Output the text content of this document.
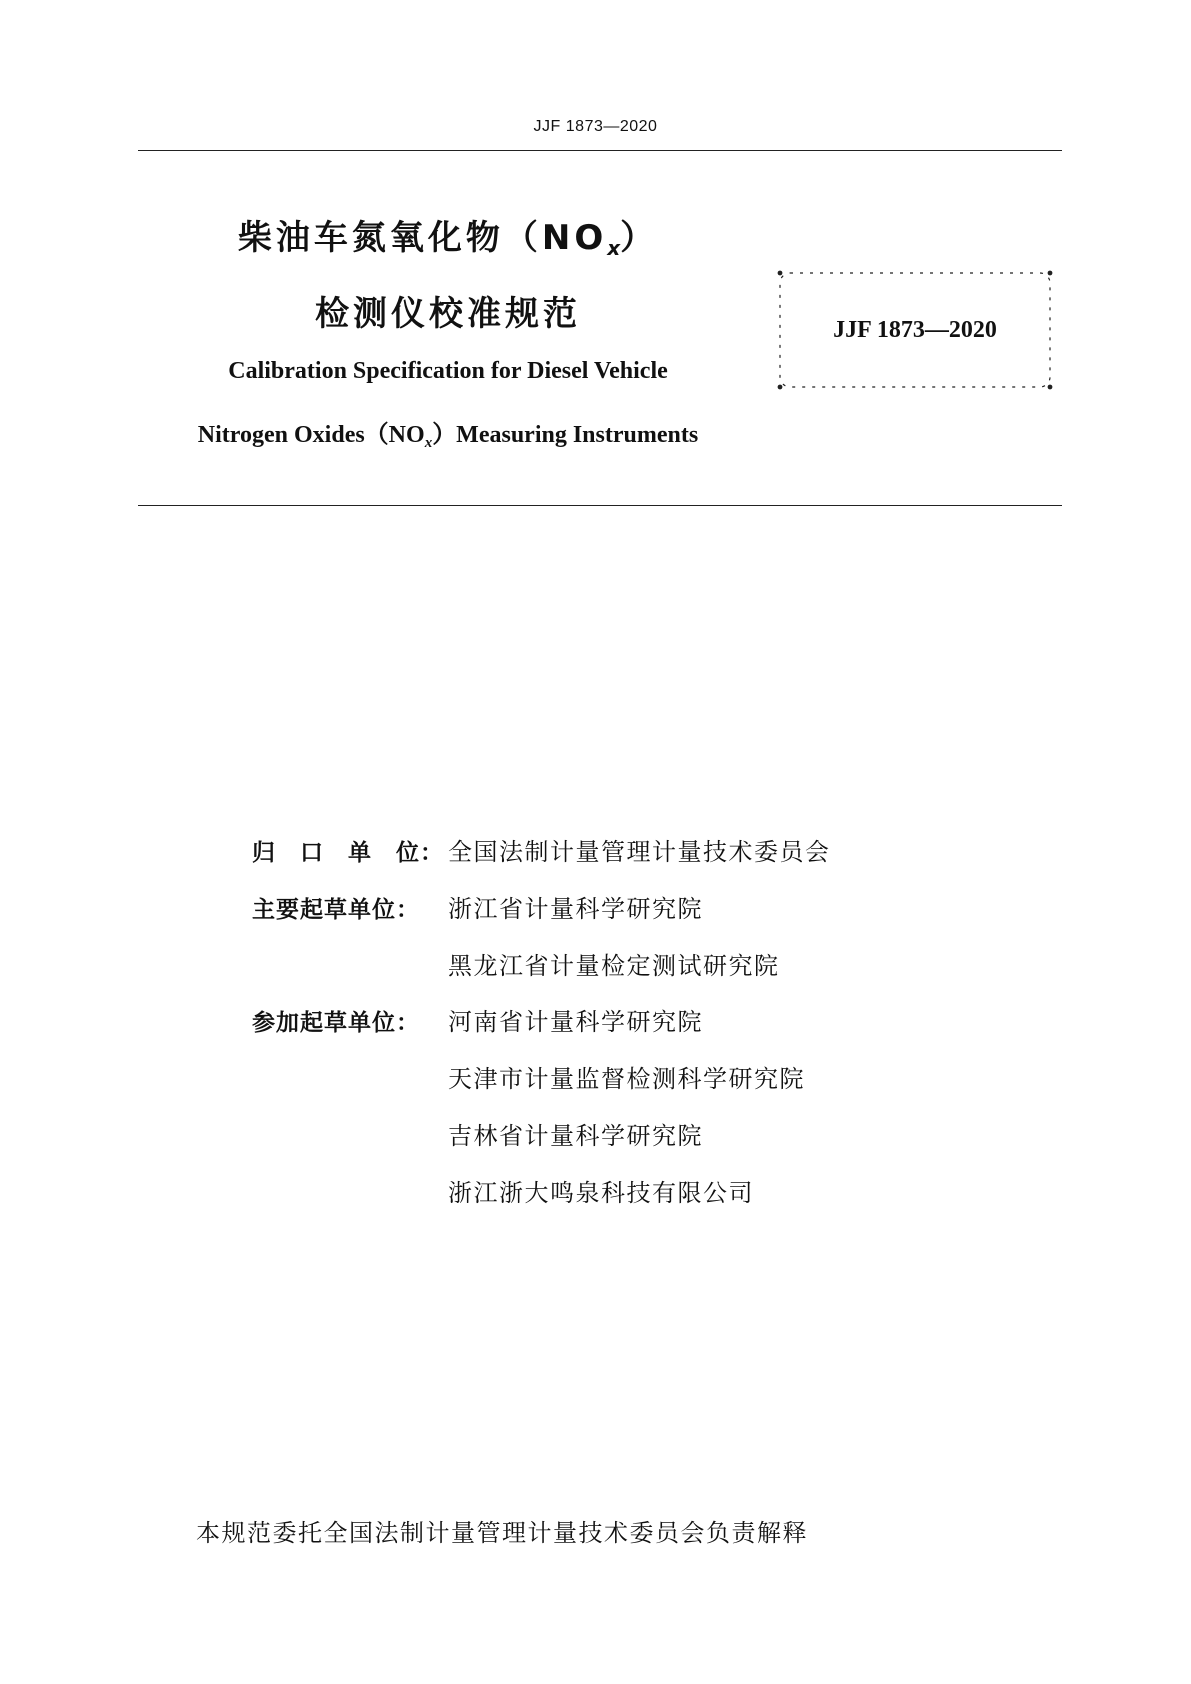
JJF 1873—2020
柴油车氮氧化物$(NO_x)$
检测仪校准规范
Calibration Specification for Diesel Vehicle
Nitrogen $Oxides(NO_x)Measuring$ Instruments
JJF 1873—2020
归　口　单　位： 全国法制计量管理计量技术委员会
主要起草单位： 浙江省计量科学研究院
黑龙江省计量检定测试研究院
参加起草单位： 河南省计量科学研究院
天津市计量监督检测科学研究院
吉林省计量科学研究院
浙江浙大鸣泉科技有限公司
本规范委托全国法制计量管理计量技术委员会负责解释
